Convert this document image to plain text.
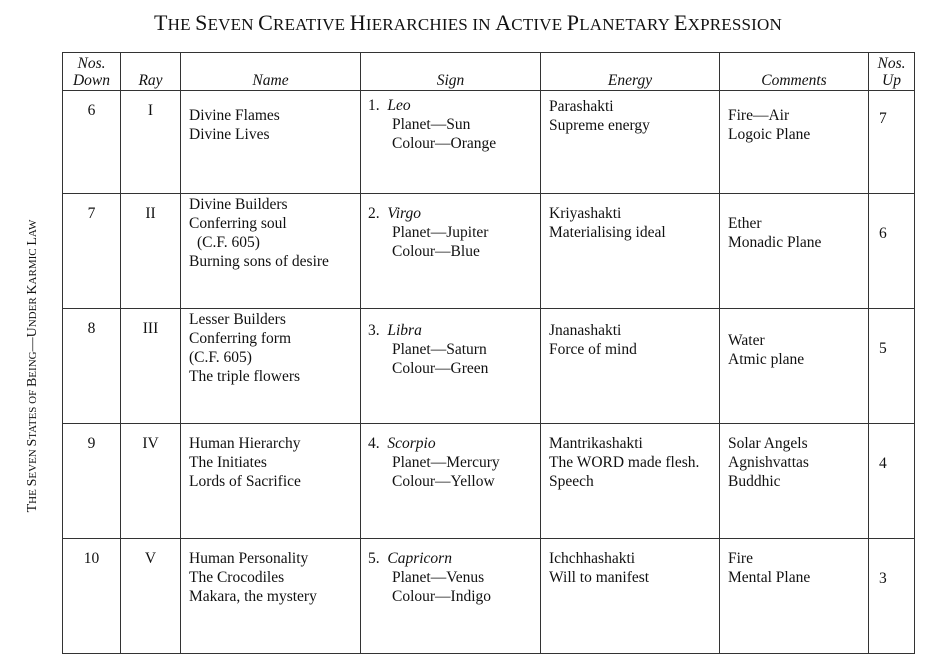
THE SEVEN CREATIVE HIERARCHIES IN ACTIVE PLANETARY EXPRESSION
THE SEVEN STATES OF BEING—UNDER KARMIC LAW
Nos.
Down	Ray	Name	Sign	Energy	Comments	Nos.
Up

6	I	Divine Flames
Divine Lives	1. Leo
Planet—Sun
Colour—Orange	Parashakti
Supreme energy	Fire—Air
Logoic Plane	7
7	II	Divine Builders
Conferring soul
(C.F. 605)
Burning sons of desire	2. Virgo
Planet—Jupiter
Colour—Blue	Kriyashakti
Materialising ideal	Ether
Monadic Plane	6
8	III	Lesser Builders
Conferring form
(C.F. 605)
The triple flowers	3. Libra
Planet—Saturn
Colour—Green	Jnanashakti
Force of mind	Water
Atmic plane	5
9	IV	Human Hierarchy
The Initiates
Lords of Sacrifice	4. Scorpio
Planet—Mercury
Colour—Yellow	Mantrikashakti
The WORD made flesh.
Speech	Solar Angels
Agnishvattas
Buddhic	4
10	V	Human Personality
The Crocodiles
Makara, the mystery	5. Capricorn
Planet—Venus
Colour—Indigo	Ichchhashakti
Will to manifest	Fire
Mental Plane	3
